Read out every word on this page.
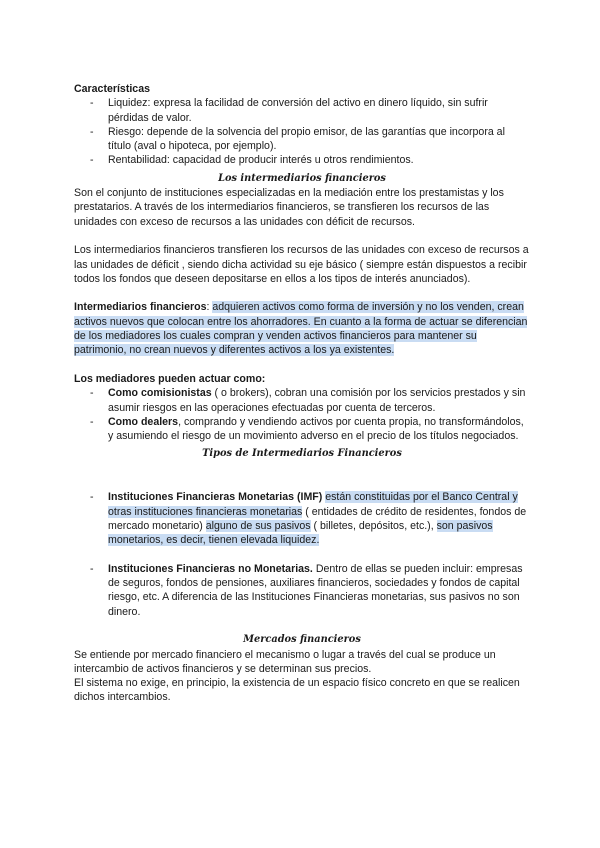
Características

- Liquidez: expresa la facilidad de conversión del activo en dinero líquido, sin sufrir pérdidas de valor.
- Riesgo: depende de la solvencia del propio emisor, de las garantías que incorpora al título (aval o hipoteca, por ejemplo).
- Rentabilidad: capacidad de producir interés u otros rendimientos.

Los intermediarios financieros

Son el conjunto de instituciones especializadas en la mediación entre los prestamistas y los prestatarios. A través de los intermediarios financieros, se transfieren los recursos de las unidades con exceso de recursos a las unidades con déficit de recursos.

Los intermediarios financieros transfieren los recursos de las unidades con exceso de recursos a las unidades de déficit , siendo dicha actividad su eje básico ( siempre están dispuestos a recibir todos los fondos que deseen depositarse en ellos a los tipos de interés anunciados).

Intermediarios financieros: adquieren activos como forma de inversión y no los venden, crean activos nuevos que colocan entre los ahorradores. En cuanto a la forma de actuar se diferencian de los mediadores los cuales compran y venden activos financieros para mantener su patrimonio, no crean nuevos y diferentes activos a los ya existentes.

Los mediadores pueden actuar como:

- Como comisionistas ( o brokers), cobran una comisión por los servicios prestados y sin asumir riesgos en las operaciones efectuadas por cuenta de terceros.
- Como dealers, comprando y vendiendo activos por cuenta propia, no transformándolos, y asumiendo el riesgo de un movimiento adverso en el precio de los títulos negociados.

Tipos de Intermediarios Financieros

- Instituciones Financieras Monetarias (IMF) están constituidas por el Banco Central y otras instituciones financieras monetarias ( entidades de crédito de residentes, fondos de mercado monetario) alguno de sus pasivos ( billetes, depósitos, etc.), son pasivos monetarios, es decir, tienen elevada liquidez.
- Instituciones Financieras no Monetarias. Dentro de ellas se pueden incluir: empresas de seguros, fondos de pensiones, auxiliares financieros, sociedades y fondos de capital riesgo, etc. A diferencia de las Instituciones Financieras monetarias, sus pasivos no son dinero.

Mercados financieros

Se entiende por mercado financiero el mecanismo o lugar a través del cual se produce un intercambio de activos financieros y se determinan sus precios.

El sistema no exige, en principio, la existencia de un espacio físico concreto en que se realicen dichos intercambios.
